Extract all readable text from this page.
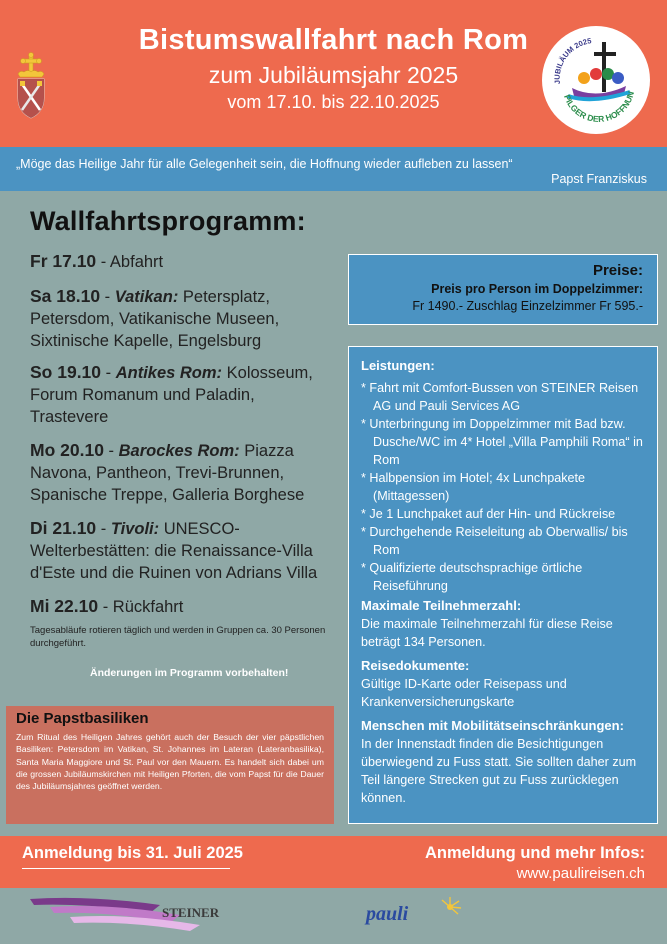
Bistumswallfahrt nach Rom
zum Jubiläumsjahr 2025
vom 17.10. bis 22.10.2025
JUBILÄUM 2025
PILGER DER HOFFNUN
„Möge das Heilige Jahr für alle Gelegenheit sein, die Hoffnung wieder aufleben zu lassen“
Papst Franziskus
Wallfahrtsprogramm:
Fr 17.10 - Abfahrt
Sa 18.10 - Vatikan: Petersplatz, Petersdom, Vatikanische Museen, Sixtinische Kapelle, Engelsburg
So 19.10 - Antikes Rom: Kolosseum, Forum Romanum und Paladin, Trastevere
Mo 20.10 - Barockes Rom: Piazza Navona, Pantheon, Trevi-Brunnen, Spanische Treppe, Galleria Borghese
Di 21.10 - Tivoli: UNESCO-Welterbestätten: die Renaissance-Villa d'Este und die Ruinen von Adrians Villa
Mi 22.10 - Rückfahrt
Tagesabläufe rotieren täglich und werden in Gruppen ca. 30 Personen durchgeführt.
Änderungen im Programm vorbehalten!
Die Papstbasiliken

Zum Ritual des Heiligen Jahres gehört auch der Besuch der vier päpstlichen Basiliken: Petersdom im Vatikan, St. Johannes im Lateran (Lateranbasilika), Santa Maria Maggiore und St. Paul vor den Mauern. Es handelt sich dabei um die grossen Jubiläumskirchen mit Heiligen Pforten, die vom Papst für die Dauer des Jubiläumsjahres geöffnet werden.

Preise:
Preis pro Person im Doppelzimmer:
Fr 1490.- Zuschlag Einzelzimmer Fr 595.-
Leistungen:
* Fahrt mit Comfort-Bussen von STEINER Reisen AG und Pauli Services AG
* Unterbringung im Doppelzimmer mit Bad bzw. Dusche/WC im 4* Hotel „Villa Pamphili Roma“ in Rom
* Halbpension im Hotel; 4x Lunchpakete (Mittagessen)
* Je 1 Lunchpaket auf der Hin- und Rückreise
* Durchgehende Reiseleitung ab Oberwallis/ bis Rom
* Qualifizierte deutschsprachige örtliche Reiseführung
Maximale Teilnehmerzahl:
Die maximale Teilnehmerzahl für diese Reise beträgt 134 Personen.
Reisedokumente:
Gültige ID-Karte oder Reisepass und Krankenversicherungskarte
Menschen mit Mobilitätseinschränkungen:
In der Innenstadt finden die Besichtigungen überwiegend zu Fuss statt. Sie sollten daher zum Teil längere Strecken gut zu Fuss zurücklegen können.
Anmeldung bis 31. Juli 2025	Anmeldung und mehr Infos:
www.paulireisen.ch
STEINER	pauli
